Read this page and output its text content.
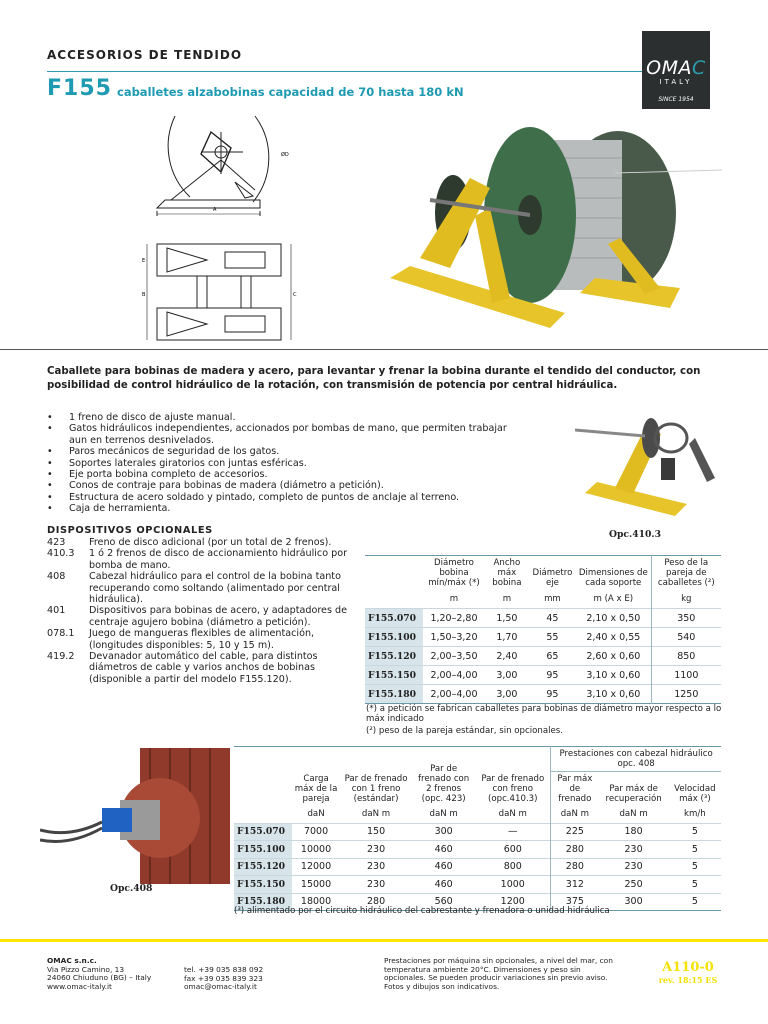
ACCESORIOS DE TENDIDO
F155 caballetes alzabobinas capacidad de 70 hasta 180 kN
OMAC
ITALY
SINCE 1954
A
ØD
E
B	C
Caballete para bobinas de madera y acero, para levantar y frenar la bobina durante el tendido del conductor, con posibilidad de control hidráulico de la rotación, con transmisión de potencia por central hidráulica.
• 1 freno de disco de ajuste manual.
• Gatos hidráulicos independientes, accionados por bombas de mano, que permiten trabajar aun en terrenos desnivelados.
• Paros mecánicos de seguridad de los gatos.
• Soportes laterales giratorios con juntas esféricas.
• Eje porta bobina completo de accesorios.
• Conos de contraje para bobinas de madera (diámetro a petición).
• Estructura de acero soldado y pintado, completo de puntos de anclaje al terreno.
• Caja de herramienta.
Opc.410.3
DISPOSITIVOS OPCIONALES
423	Freno de disco adicional (por un total de 2 frenos).
410.3	1 ó 2 frenos de disco de accionamiento hidráulico por bomba de mano.
408	Cabezal hidráulico para el control de la bobina tanto recuperando como soltando (alimentado por central hidráulica).
401	Dispositivos para bobinas de acero, y adaptadores de centraje agujero bobina (diámetro a petición).
078.1	Juego de mangueras flexibles de alimentación, (longitudes disponibles: 5, 10 y 15 m).
419.2	Devanador automático del cable, para distintos diámetros de cable y varios anchos de bobinas (disponible a partir del modelo F155.120).
	Diámetro bobina mín/máx (*)	Ancho máx bobina	Diámetro eje	Dimensiones de cada soporte	Peso de la pareja de caballetes (²)
	m	m	mm	m (A x E)	kg
F155.070	1,20–2,80	1,50	45	2,10 x 0,50	350
F155.100	1,50–3,20	1,70	55	2,40 x 0,55	540
F155.120	2,00–3,50	2,40	65	2,60 x 0,60	850
F155.150	2,00–4,00	3,00	95	3,10 x 0,60	1100
F155.180	2,00–4,00	3,00	95	3,10 x 0,60	1250
(*) a petición se fabrican caballetes para bobinas de diámetro mayor respecto a lo máx indicado
(²) peso de la pareja estándar, sin opcionales.
Opc.408
	Carga máx de la pareja	Par de frenado con 1 freno (estándar)	Par de frenado con 2 frenos (opc. 423)	Par de frenado con freno (opc.410.3)	Prestaciones con cabezal hidráulico opc. 408		
					Par máx de frenado	Par máx de recuperación	Velocidad máx (³)
	daN	daN m	daN m	daN m	daN m	daN m	km/h
F155.070	7000	150	300	—	225	180	5
F155.100	10000	230	460	600	280	230	5
F155.120	12000	230	460	800	280	230	5
F155.150	15000	230	460	1000	312	250	5
F155.180	18000	280	560	1200	375	300	5
(³) alimentado por el circuito hidráulico del cabrestante y frenadora o unidad hidráulica
OMAC s.n.c.
Via Pizzo Camino, 13
24060 Chiuduno (BG) – Italy
www.omac-italy.it
tel. +39 035 838 092
fax +39 035 839 323
omac@omac-italy.it
Prestaciones por máquina sin opcionales, a nivel del mar, con temperatura ambiente 20°C. Dimensiones y peso sin opcionales. Se pueden producir variaciones sin previo aviso. Fotos y dibujos son indicativos.
A110-0
rev. 18:15 ES
